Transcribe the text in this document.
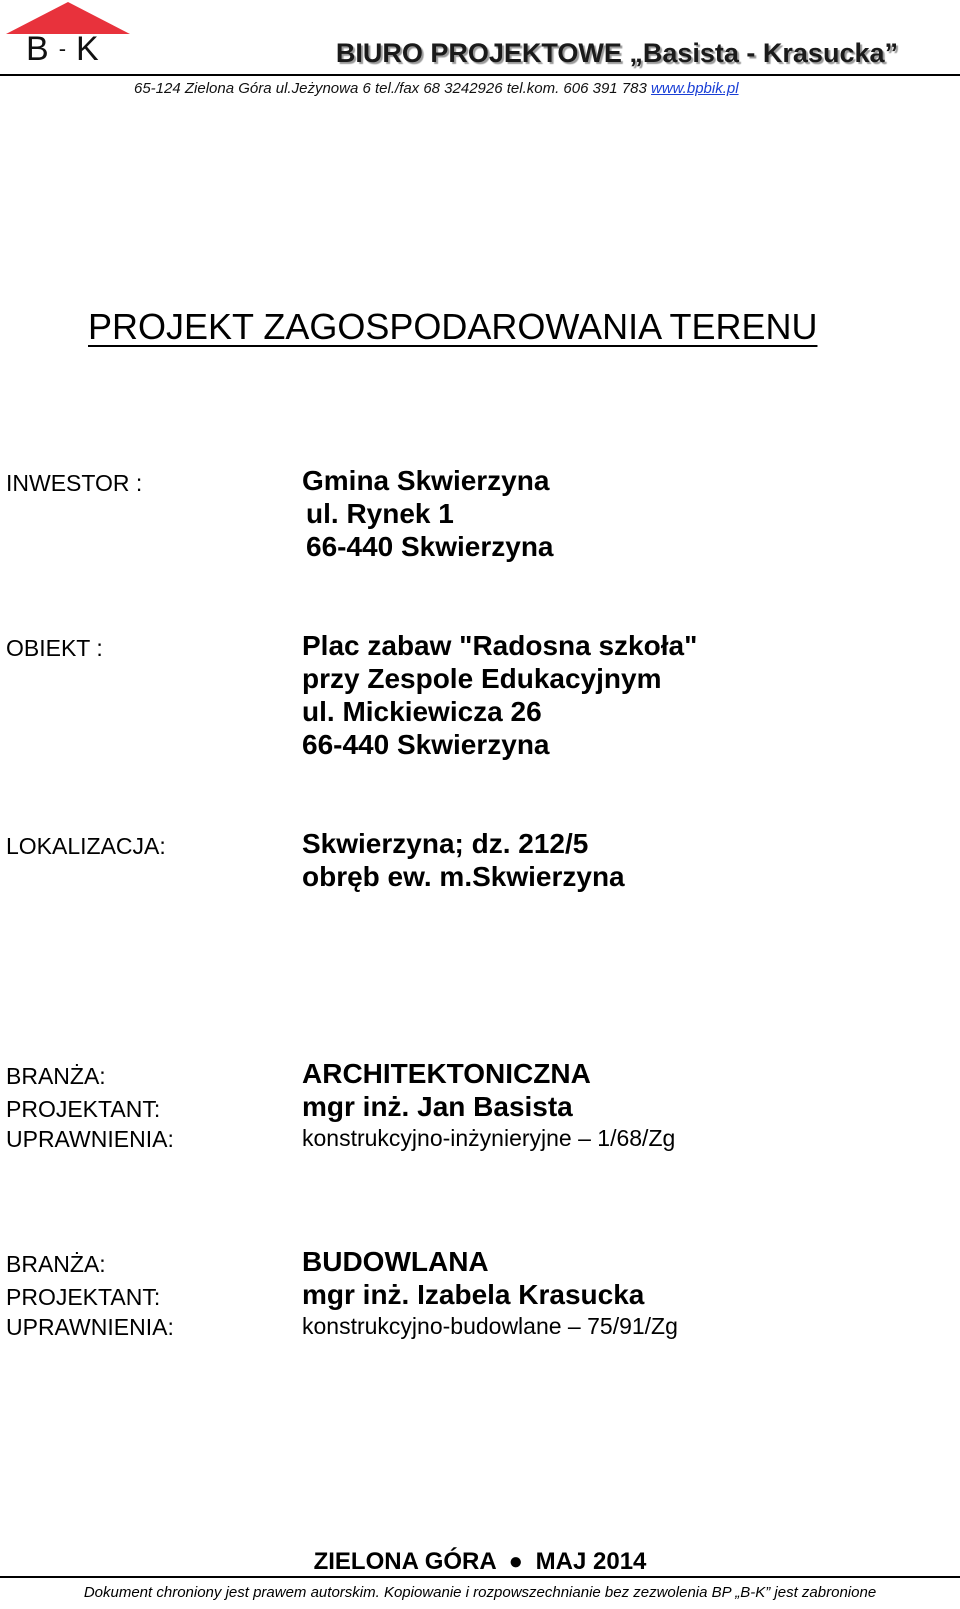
B - K	BIURO PROJEKTOWE „Basista - Krasucka”
65-124 Zielona Góra ul.Jeżynowa 6 tel./fax 68 3242926 tel.kom. 606 391 783 www.bpbik.pl
PROJEKT ZAGOSPODAROWANIA TERENU
INWESTOR :	Gmina Skwierzyna
ul. Rynek 1
66-440 Skwierzyna
OBIEKT :	Plac zabaw "Radosna szkoła"
przy Zespole Edukacyjnym
ul. Mickiewicza 26
66-440 Skwierzyna
LOKALIZACJA:	Skwierzyna; dz. 212/5
obręb ew. m.Skwierzyna
BRANŻA:	ARCHITEKTONICZNA
PROJEKTANT:	mgr inż. Jan Basista
UPRAWNIENIA:	konstrukcyjno-inżynieryjne – 1/68/Zg
BRANŻA:	BUDOWLANA
PROJEKTANT:	mgr inż. Izabela Krasucka
UPRAWNIENIA:	konstrukcyjno-budowlane – 75/91/Zg
ZIELONA GÓRA ● MAJ 2014
Dokument chroniony jest prawem autorskim. Kopiowanie i rozpowszechnianie bez zezwolenia BP „B-K” jest zabronione
